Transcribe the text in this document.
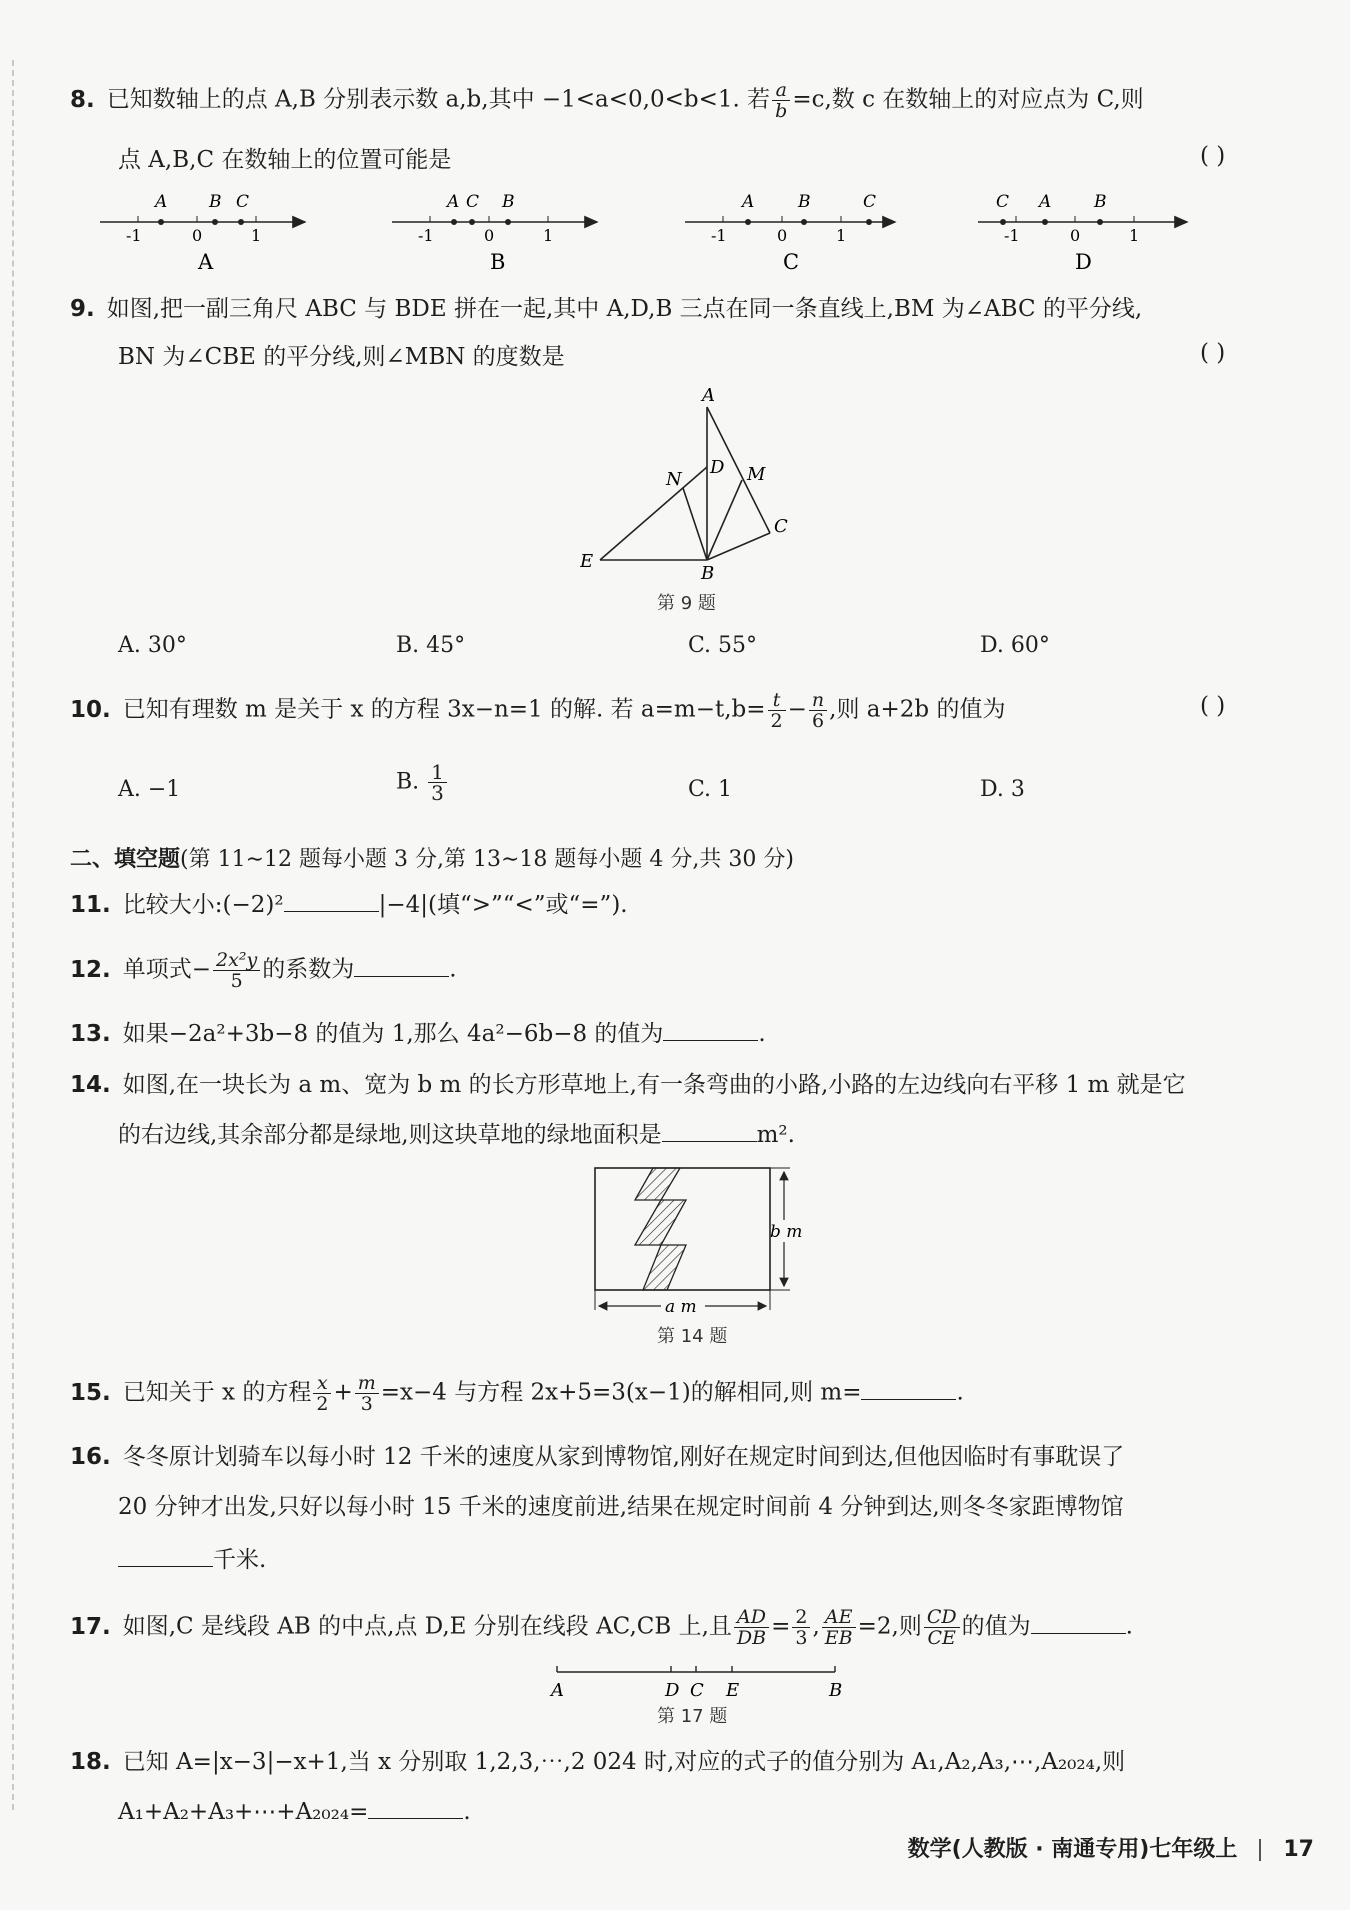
8. 已知数轴上的点 A,B 分别表示数 a,b,其中 −1<a<0,0<b<1. 若 $\frac{a}{b} =c$,数 c 在数轴上的对应点为 C,则
点 A,B,C 在数轴上的位置可能是	( )
A B C
-1	0	1
A
A C B
-1	0	1
B
A	B	C
-1	0	1
C
C A	B
-1	0	1
D
9. 如图,把一副三角尺 ABC 与 BDE 拼在一起,其中 A,D,B 三点在同一条直线上,BM 为∠ABC 的平分线,
BN 为∠CBE 的平分线,则∠MBN 的度数是	( )
A
D
N	M
C
E
B
第 9 题
A. 30°	B. 45°	C. 55°	D. 60°
10. 已知有理数 m 是关于 x 的方程 3x−n=1 的解. 若 $a=m-t,b= \frac{t}{2} - \frac{n}{6}$ ,则 a+2b 的值为	( )
A. −1	B. $\frac{1}{3}$	C. 1	D. 3
二、填空题(第 11∼12 题每小题 3 分,第 13∼18 题每小题 4 分,共 30 分)
11. 比较大小:(−2)²	|−4|(填“>”“<”或“=”).
12. 单项式− $\frac{\text{2x²y}}{5}$ 的系数为	.
13. 如果−2a²+3b−8 的值为 1,那么 4a²−6b−8 的值为	.
14. 如图,在一块长为 a m、宽为 b m 的长方形草地上,有一条弯曲的小路,小路的左边线向右平移 1 m 就是它
的右边线,其余部分都是绿地,则这块草地的绿地面积是	m².
b m
a m
第 14 题
15. 已知关于 x 的方程 $\frac{x}{2} + \frac{m}{3} =x-4$ 与方程 2x+5=3(x−1)的解相同,则 m=	.
16. 冬冬原计划骑车以每小时 12 千米的速度从家到博物馆,刚好在规定时间到达,但他因临时有事耽误了
20 分钟才出发,只好以每小时 15 千米的速度前进,结果在规定时间前 4 分钟到达,则冬冬家距博物馆
千米.
17. 如图,C 是线段 AB 的中点,点 D,E 分别在线段 AC,CB 上,且 $\frac{AD}{DB} = \frac{2}{3}$ , $\frac{AE}{EB} =2$,则 $\frac{CD}{CE}$ 的值为	.
A	D C E	B
第 17 题
18. 已知 A=|x−3|−x+1,当 x 分别取 1,2,3,⋯,2 024 时,对应的式子的值分别为 A₁,A₂,A₃,⋯,A₂₀₂₄,则
A₁+A₂+A₃+⋯+A₂₀₂₄=	.
数学(人教版 · 南通专用)七年级上 17
